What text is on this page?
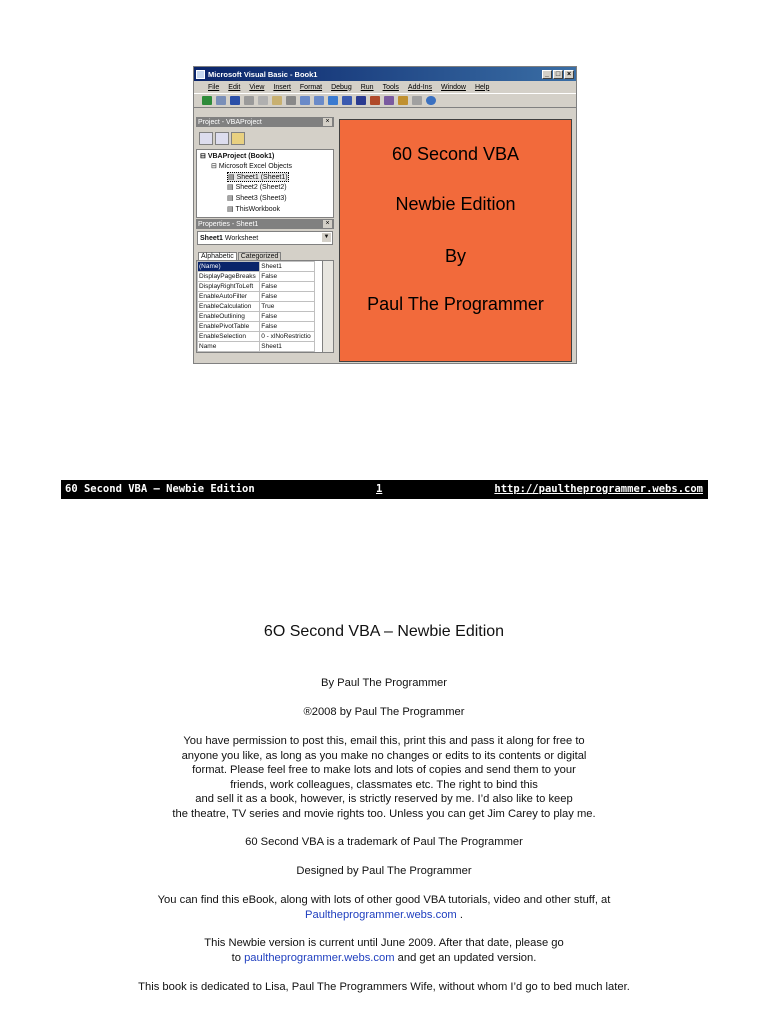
Microsoft Visual Basic - Book1	_ □ ×
File Edit View Insert Format Debug Run Tools Add-Ins Window Help
Project - VBAProject	×
⊟ VBAProject (Book1)
⊟ Microsoft Excel Objects
▤ Sheet1 (Sheet1)
▤ Sheet2 (Sheet2)
▤ Sheet3 (Sheet3)
▤ ThisWorkbook
Properties - Sheet1	×
Sheet1
Worksheet	▼
Alphabetic	Categorized
(Name)	Sheet1
DisplayPageBreaks	False
DisplayRightToLeft	False
EnableAutoFilter	False
EnableCalculation	True
EnableOutlining	False
EnablePivotTable	False
EnableSelection	0 - xlNoRestrictio
Name	Sheet1
60 Second VBA
Newbie Edition
By
Paul The Programmer
60 Second VBA – Newbie Edition	1	http://paultheprogrammer.webs.com
6O Second VBA – Newbie Edition
By Paul The Programmer
®2008 by Paul The Programmer
You have permission to post this, email this, print this and pass it along for free to
anyone you like, as long as you make no changes or edits to its contents or digital
format. Please feel free to make lots and lots of copies and send them to your
friends, work colleagues, classmates etc. The right to bind this
and sell it as a book, however, is strictly reserved by me. I’d also like to keep
the theatre, TV series and movie rights too. Unless you can get Jim Carey to play me.
60 Second VBA is a trademark of Paul The Programmer
Designed by Paul The Programmer
You can find this eBook, along with lots of other good VBA tutorials, video and other stuff, at
Paultheprogrammer.webs.com .
This Newbie version is current until June 2009. After that date, please go
to paultheprogrammer.webs.com and get an updated version.
This book is dedicated to Lisa, Paul The Programmers Wife, without whom I’d go to bed much later.
